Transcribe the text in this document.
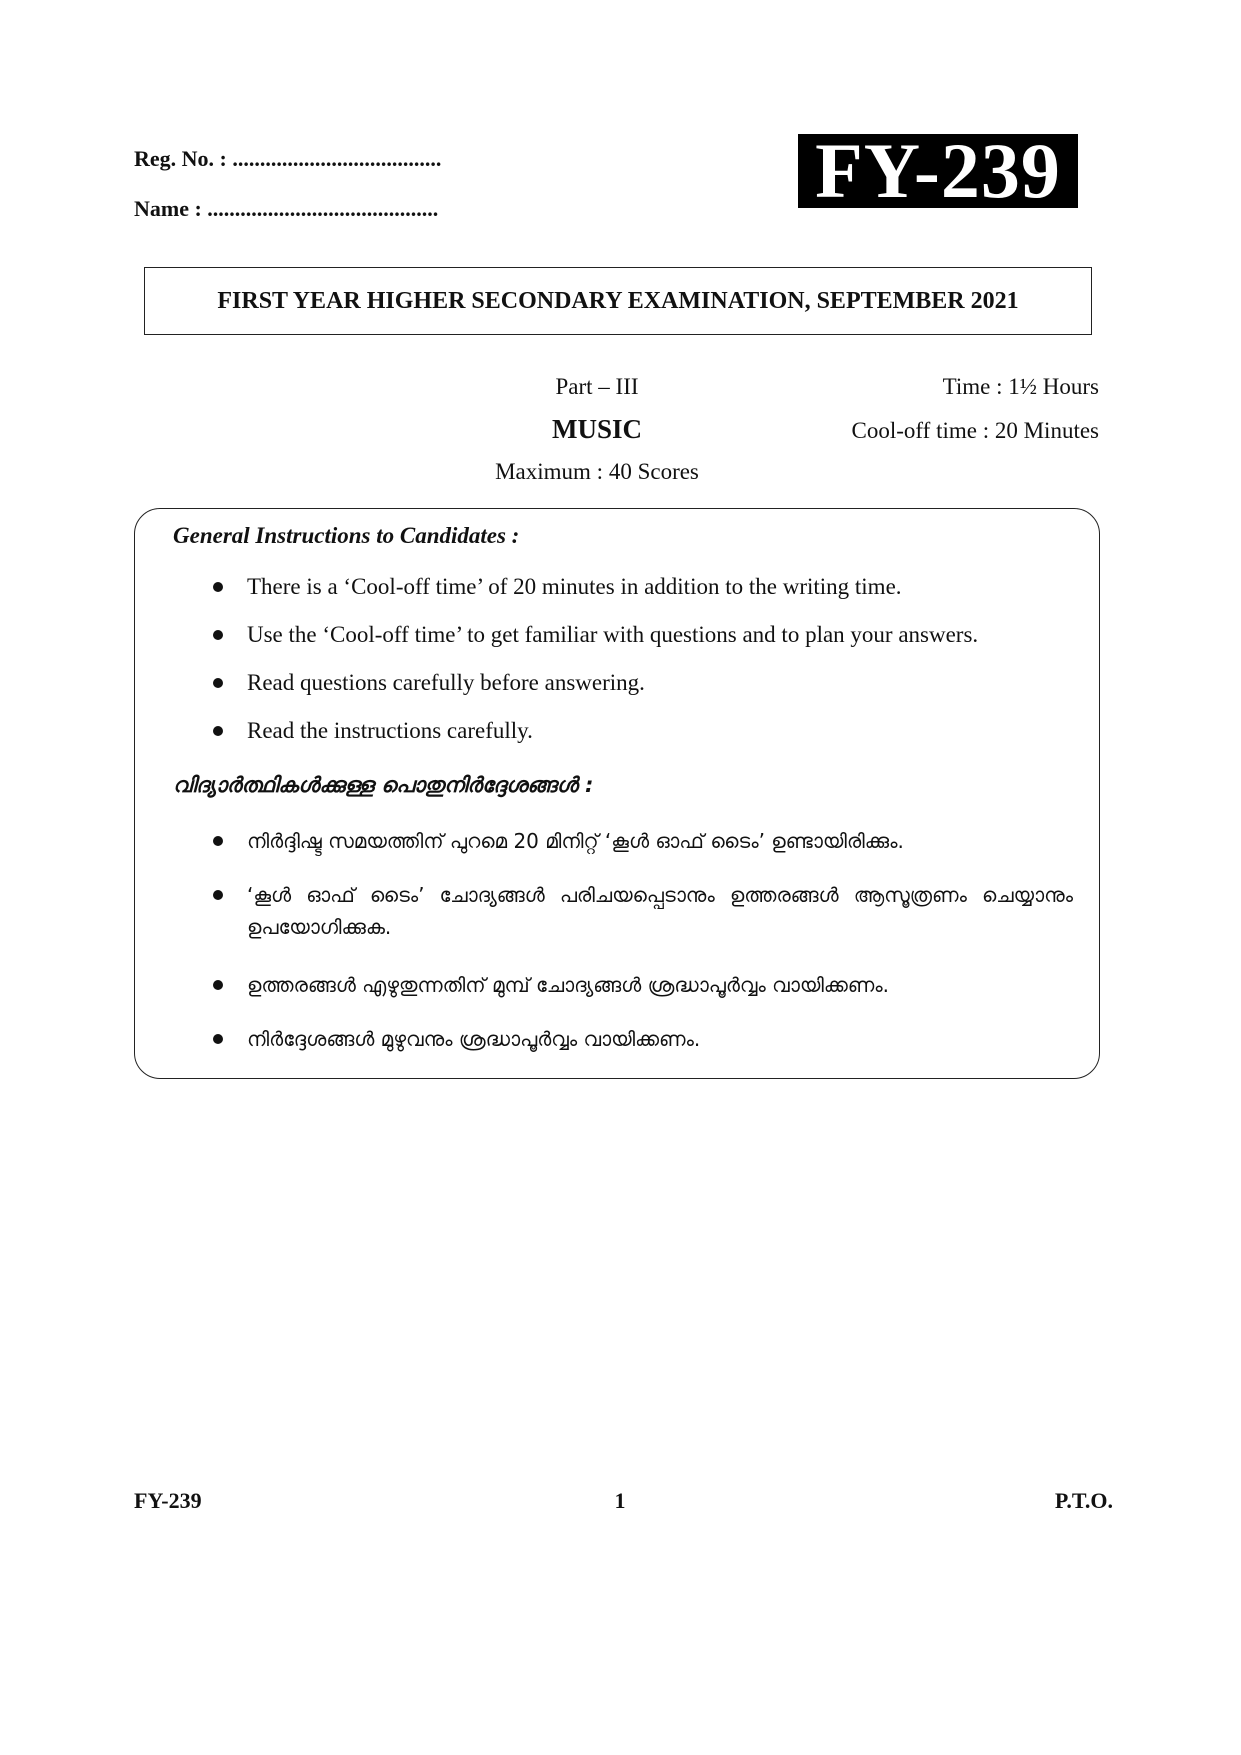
Reg. No. : ......................................
Name : ..........................................	FY-239
FIRST YEAR HIGHER SECONDARY EXAMINATION, SEPTEMBER 2021
Part – III
MUSIC
Maximum : 40 Scores
Time : 1½ Hours
Cool-off time : 20 Minutes
General Instructions to Candidates :
There is a ‘Cool-off time’ of 20 minutes in addition to the writing time.
Use the ‘Cool-off time’ to get familiar with questions and to plan your answers.
Read questions carefully before answering.
Read the instructions carefully.
വിദ്യാർത്ഥികൾക്കുള്ള പൊതുനിർദ്ദേശങ്ങൾ :
നിർദ്ദിഷ്ട സമയത്തിന് പുറമെ 20 മിനിറ്റ് ‘കൂൾ ഓഫ് ടൈം’ ഉണ്ടായിരിക്കും.
‘കൂൾ ഓഫ് ടൈം’ ചോദ്യങ്ങൾ പരിചയപ്പെടാനും ഉത്തരങ്ങൾ ആസൂത്രണം ചെയ്യാനും ഉപയോഗിക്കുക.
ഉത്തരങ്ങൾ എഴുതുന്നതിന് മുമ്പ് ചോദ്യങ്ങൾ ശ്രദ്ധാപൂർവ്വം വായിക്കണം.
നിർദ്ദേശങ്ങൾ മുഴുവനും ശ്രദ്ധാപൂർവ്വം വായിക്കണം.
FY-239	1	P.T.O.
